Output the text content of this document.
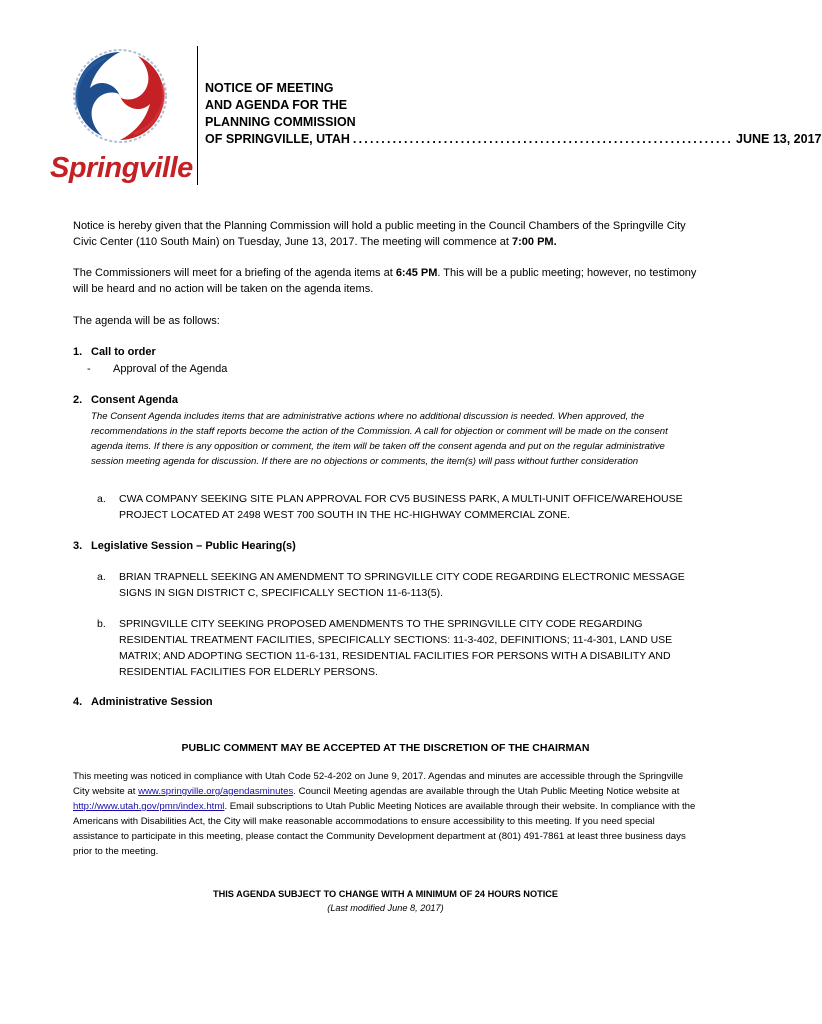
Springville
NOTICE OF MEETING
AND AGENDA FOR THE
PLANNING COMMISSION
OF SPRINGVILLE, UTAH ................................................................... JUNE 13, 2017

Notice is hereby given that the Planning Commission will hold a public meeting in the Council Chambers of the Springville City Civic Center (110 South Main) on Tuesday, June 13, 2017. The meeting will commence at 7:00 PM.

The Commissioners will meet for a briefing of the agenda items at 6:45 PM. This will be a public meeting; however, no testimony will be heard and no action will be taken on the agenda items.

The agenda will be as follows:

1. Call to order
- Approval of the Agenda
2. Consent Agenda
The Consent Agenda includes items that are administrative actions where no additional discussion is needed. When approved, the recommendations in the staff reports become the action of the Commission. A call for objection or comment will be made on the consent agenda items. If there is any opposition or comment, the item will be taken off the consent agenda and put on the regular administrative session meeting agenda for discussion. If there are no objections or comments, the item(s) will pass without further consideration
a.	CWA COMPANY SEEKING SITE PLAN APPROVAL FOR CV5 BUSINESS PARK, A MULTI-UNIT OFFICE/WAREHOUSE PROJECT LOCATED AT 2498 WEST 700 SOUTH IN THE HC-HIGHWAY COMMERCIAL ZONE.
3. Legislative Session – Public Hearing(s)
a.	BRIAN TRAPNELL SEEKING AN AMENDMENT TO SPRINGVILLE CITY CODE REGARDING ELECTRONIC MESSAGE SIGNS IN SIGN DISTRICT C, SPECIFICALLY SECTION 11-6-113(5).
b.	SPRINGVILLE CITY SEEKING PROPOSED AMENDMENTS TO THE SPRINGVILLE CITY CODE REGARDING RESIDENTIAL TREATMENT FACILITIES, SPECIFICALLY SECTIONS: 11-3-402, DEFINITIONS; 11-4-301, LAND USE MATRIX; AND ADOPTING SECTION 11-6-131, RESIDENTIAL FACILITIES FOR PERSONS WITH A DISABILITY AND RESIDENTIAL FACILITIES FOR ELDERLY PERSONS.
4. Administrative Session
PUBLIC COMMENT MAY BE ACCEPTED AT THE DISCRETION OF THE CHAIRMAN
This meeting was noticed in compliance with Utah Code 52-4-202 on June 9, 2017. Agendas and minutes are accessible through the Springville City website at www.springville.org/agendasminutes. Council Meeting agendas are available through the Utah Public Meeting Notice website at http://www.utah.gov/pmn/index.html. Email subscriptions to Utah Public Meeting Notices are available through their website. In compliance with the Americans with Disabilities Act, the City will make reasonable accommodations to ensure accessibility to this meeting. If you need special assistance to participate in this meeting, please contact the Community Development department at (801) 491-7861 at least three business days prior to the meeting.
THIS AGENDA SUBJECT TO CHANGE WITH A MINIMUM OF 24 HOURS NOTICE
(Last modified June 8, 2017)
